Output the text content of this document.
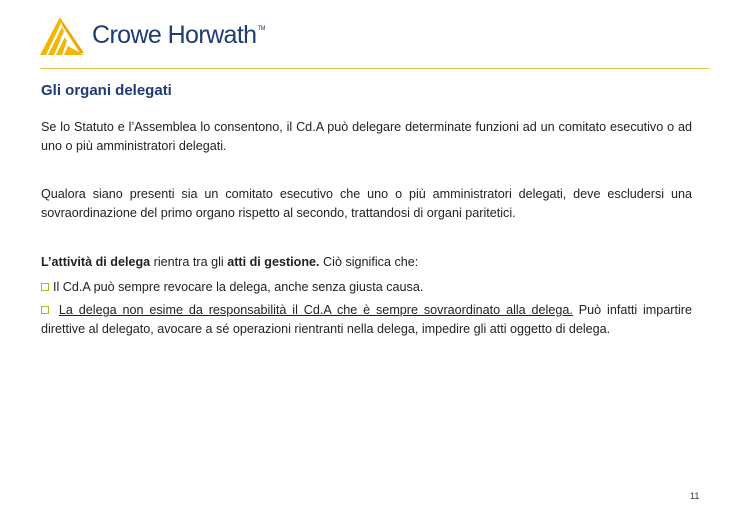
Crowe Horwath™
Gli organi delegati
Se lo Statuto e l’Assemblea lo consentono, il Cd.A può delegare determinate funzioni ad un comitato esecutivo o ad uno o più amministratori delegati.
Qualora siano presenti sia un comitato esecutivo che uno o più amministratori delegati, deve escludersi una sovraordinazione del primo organo rispetto al secondo, trattandosi di organi paritetici.
L’attività di delega rientra tra gli atti di gestione. Ciò significa che:
Il Cd.A può sempre revocare la delega, anche senza giusta causa.
La delega non esime da responsabilità il Cd.A che è sempre sovraordinato alla delega. Può infatti impartire direttive al delegato, avocare a sé operazioni rientranti nella delega, impedire gli atti oggetto di delega.
11
